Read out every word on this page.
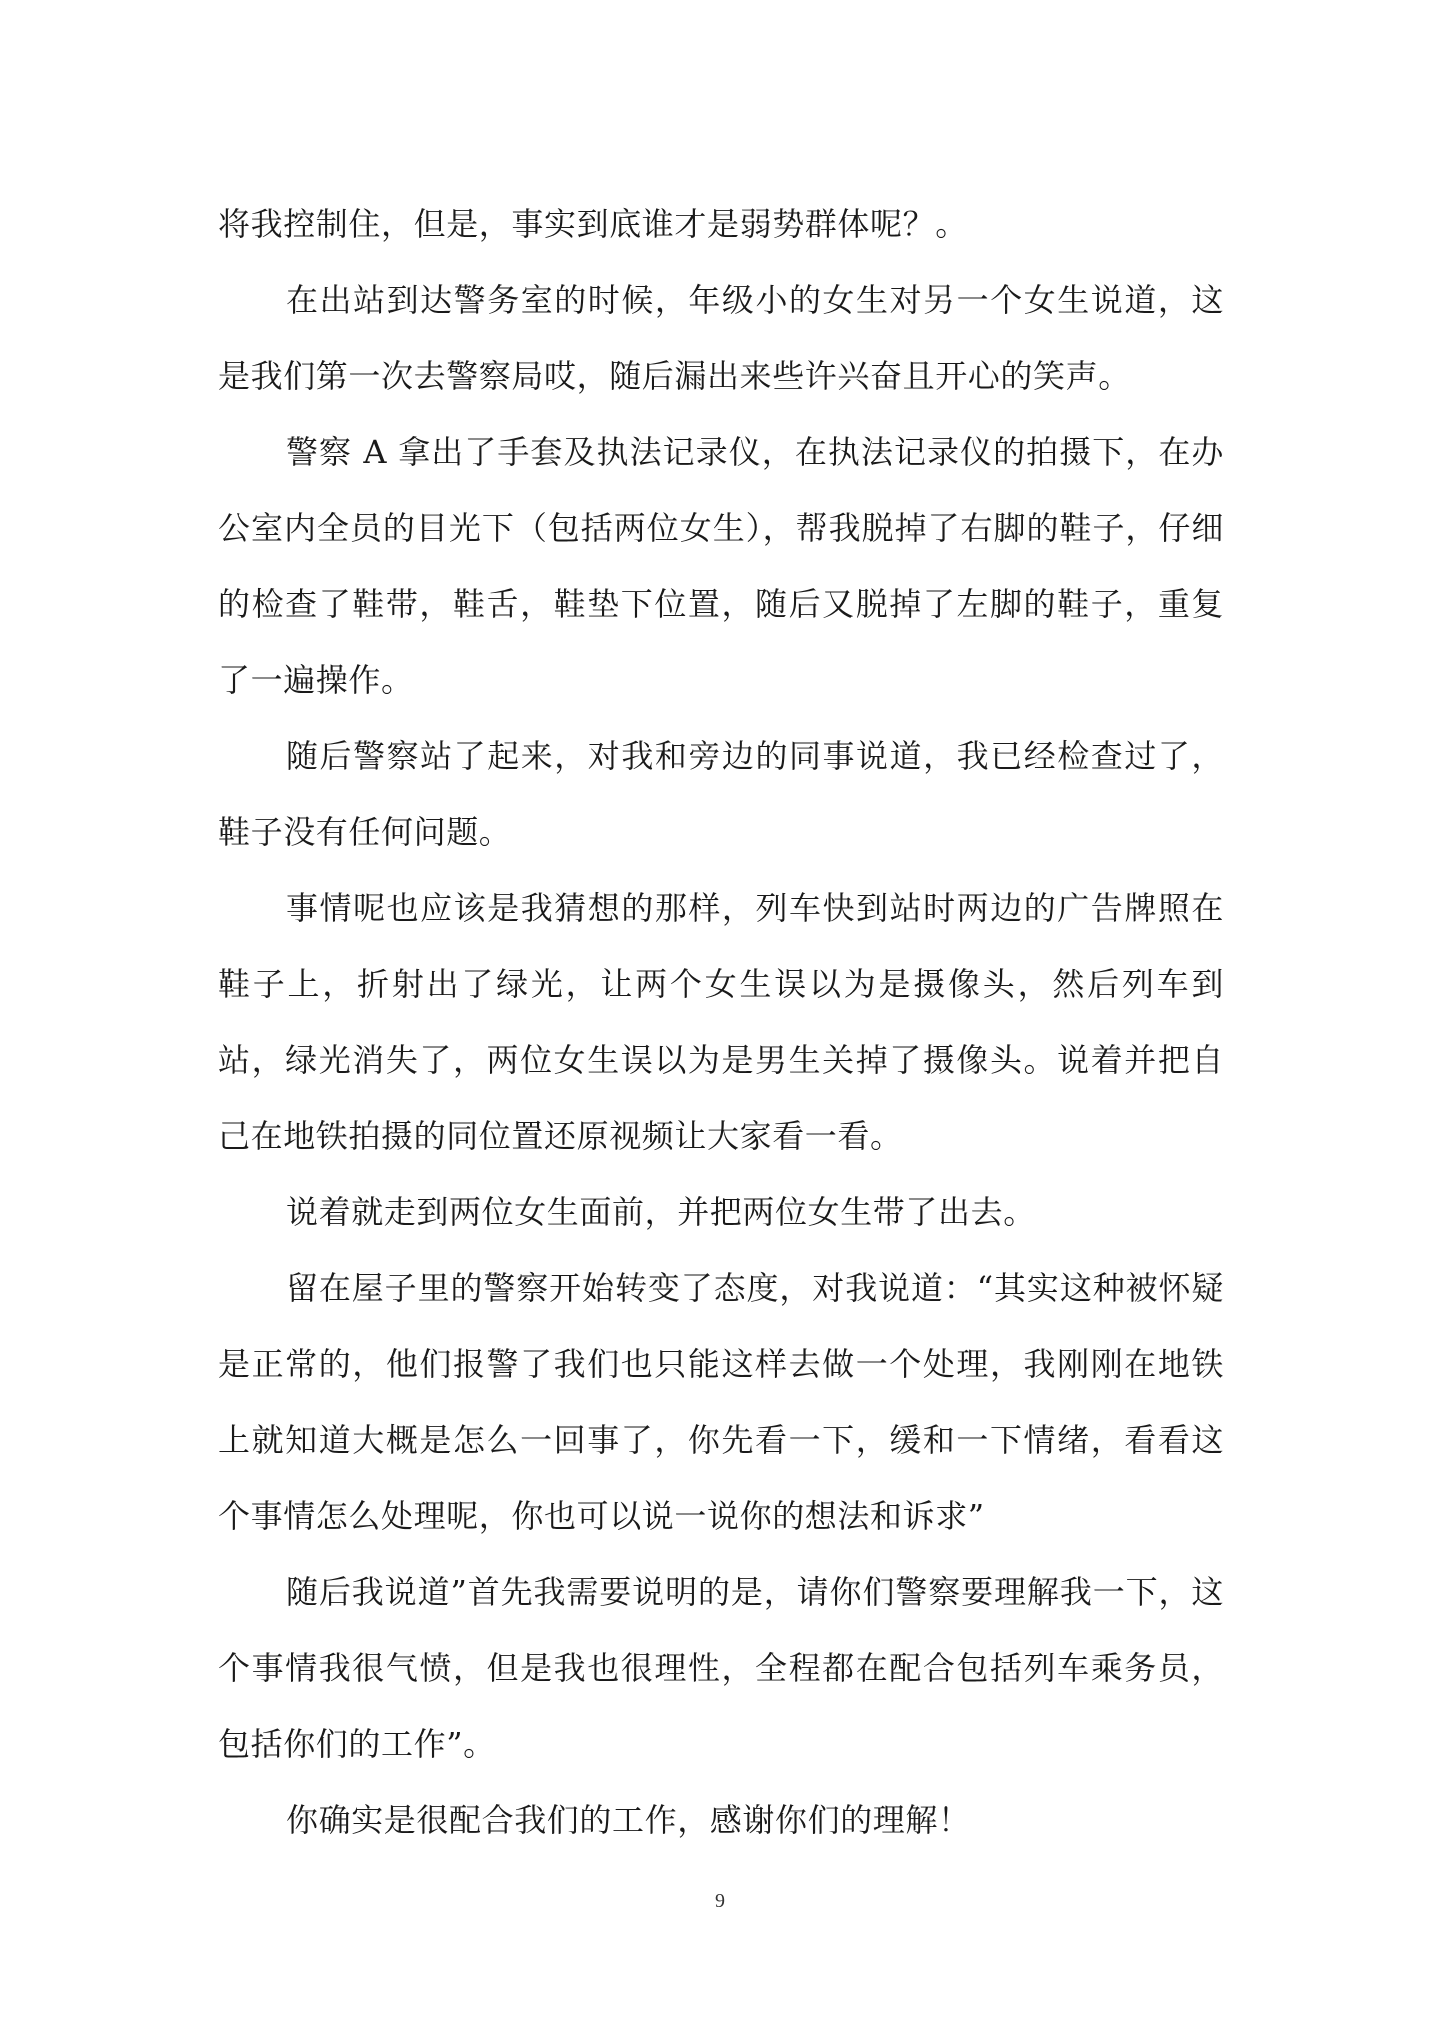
将我控制住，但是，事实到底谁才是弱势群体呢？。

在出站到达警务室的时候，年级小的女生对另一个女生说道，这是我们第一次去警察局哎，随后漏出来些许兴奋且开心的笑声。

警察 A 拿出了手套及执法记录仪，在执法记录仪的拍摄下，在办公室内全员的目光下（包括两位女生），帮我脱掉了右脚的鞋子，仔细的检查了鞋带，鞋舌，鞋垫下位置，随后又脱掉了左脚的鞋子，重复了一遍操作。

随后警察站了起来，对我和旁边的同事说道，我已经检查过了，鞋子没有任何问题。

事情呢也应该是我猜想的那样，列车快到站时两边的广告牌照在鞋子上，折射出了绿光，让两个女生误以为是摄像头，然后列车到站，绿光消失了，两位女生误以为是男生关掉了摄像头。说着并把自己在地铁拍摄的同位置还原视频让大家看一看。

说着就走到两位女生面前，并把两位女生带了出去。

留在屋子里的警察开始转变了态度，对我说道：“其实这种被怀疑是正常的，他们报警了我们也只能这样去做一个处理，我刚刚在地铁上就知道大概是怎么一回事了，你先看一下，缓和一下情绪，看看这个事情怎么处理呢，你也可以说一说你的想法和诉求”

随后我说道”首先我需要说明的是，请你们警察要理解我一下，这个事情我很气愤，但是我也很理性，全程都在配合包括列车乘务员，包括你们的工作”。

你确实是很配合我们的工作，感谢你们的理解！

9
